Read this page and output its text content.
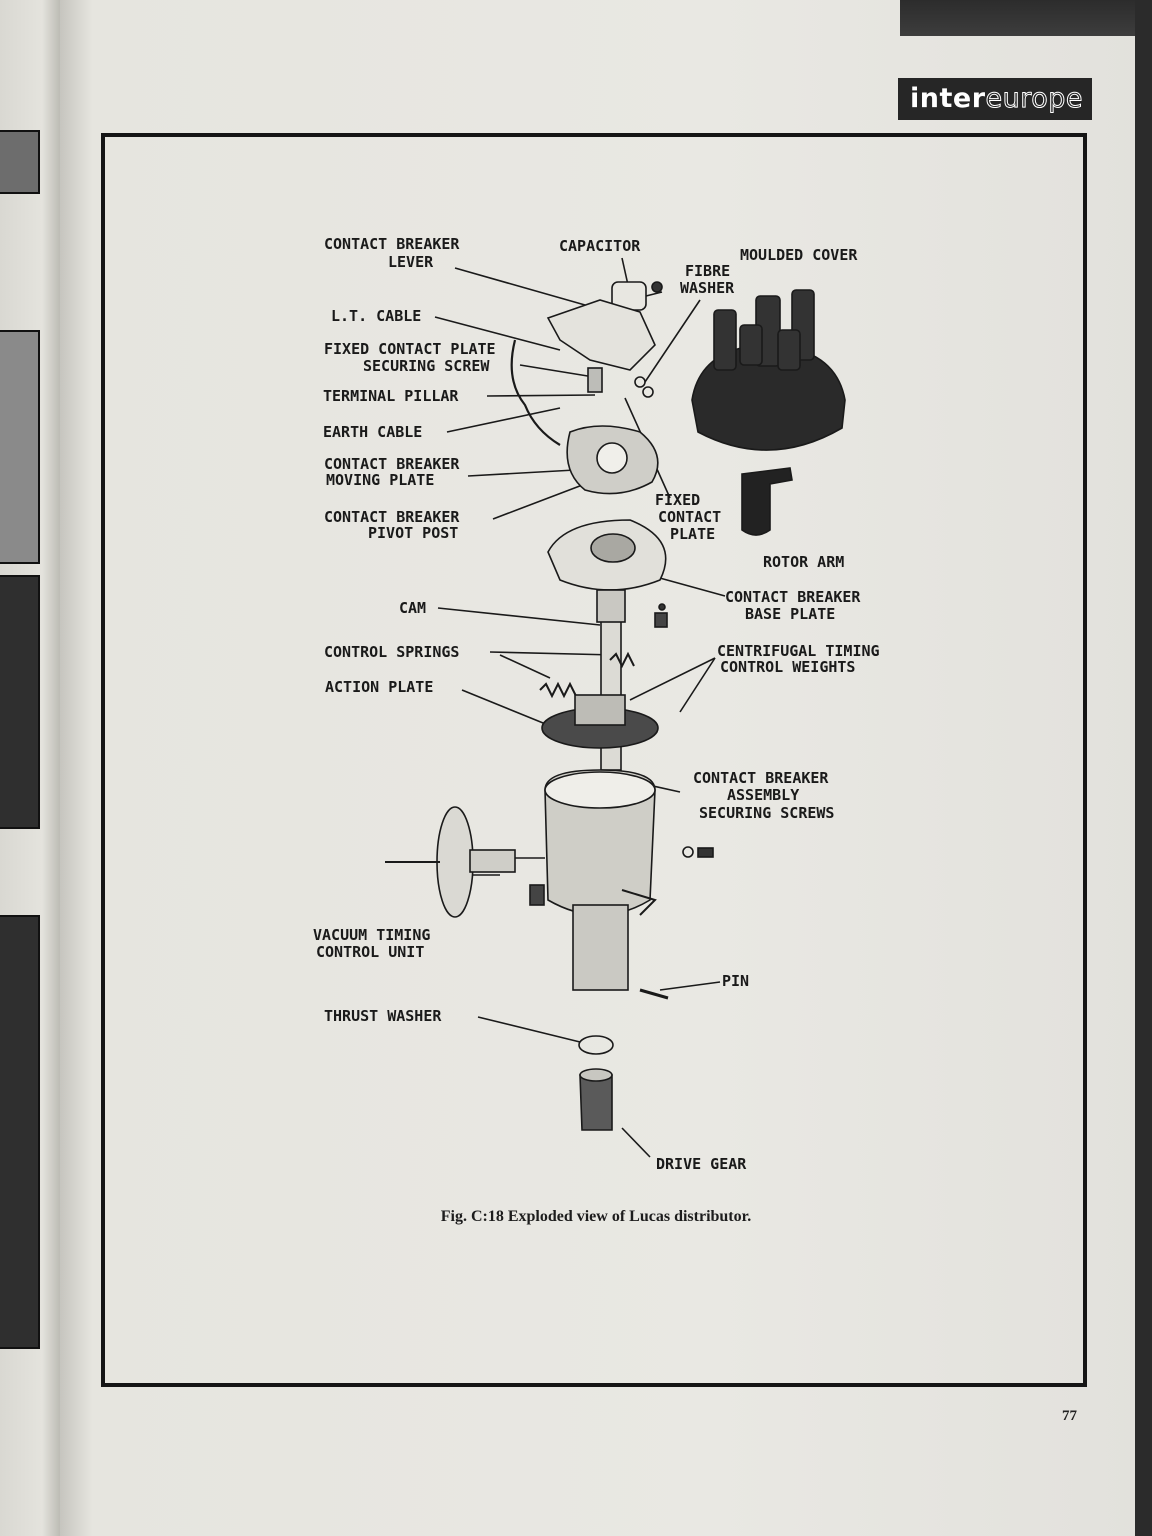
intereurope
CONTACT BREAKER
LEVER
CAPACITOR	MOULDED COVER
FIBRE
WASHER
L.T. CABLE
FIXED CONTACT PLATE
SECURING SCREW
TERMINAL PILLAR
EARTH CABLE
CONTACT BREAKER
MOVING PLATE
FIXED
CONTACT
PLATE
CONTACT BREAKER
PIVOT POST
ROTOR ARM
CONTACT BREAKER
BASE PLATE
CAM
CONTROL SPRINGS	CENTRIFUGAL TIMING
CONTROL WEIGHTS
ACTION PLATE
CONTACT BREAKER
ASSEMBLY
SECURING SCREWS
VACUUM TIMING
CONTROL UNIT
PIN
THRUST WASHER
DRIVE GEAR
Fig. C:18 Exploded view of Lucas distributor.
77
